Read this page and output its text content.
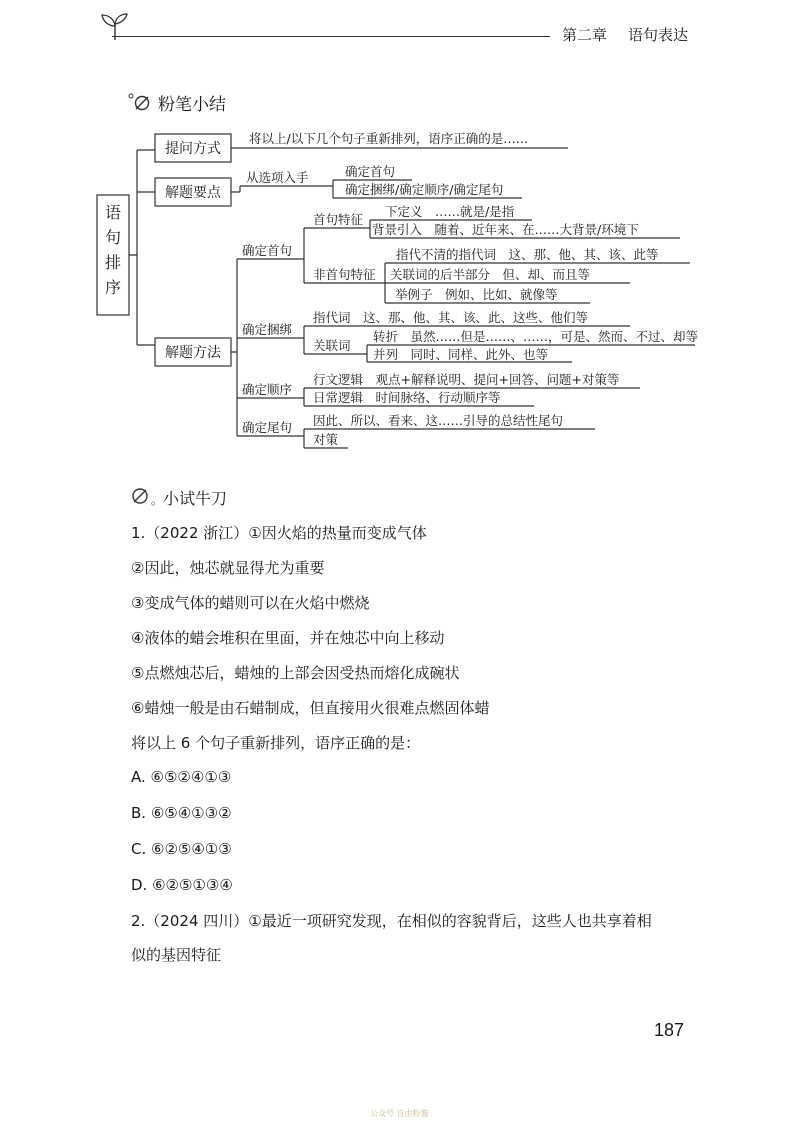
第二章 语句表达
粉笔小结
语
句
排
序
提问方式
解题要点
解题方法
将以上/以下几个句子重新排列，语序正确的是……
从选项入手	确定首句
确定捆绑/确定顺序/确定尾句
确定首句
首句特征
下定义　……就是/是指
背景引入　随着、近年来、在……大背景/环境下
非首句特征
指代不清的指代词　这、那、他、其、该、此等
关联词的后半部分　但、却、而且等
举例子　例如、比如、就像等
确定捆绑
指代词　这、那、他、其、该、此、这些、他们等
关联词
转折　虽然……但是……、……，可是、然而、不过、却等
并列　同时、同样、此外、也等
确定顺序
行文逻辑　观点+解释说明、提问+回答、问题+对策等
日常逻辑　时间脉络、行动顺序等
确定尾句 因此、所以、看来、这……引导的总结性尾句
对策
。小试牛刀
1.（2022 浙江）①因火焰的热量而变成气体
②因此，烛芯就显得尤为重要
③变成气体的蜡则可以在火焰中燃烧
④液体的蜡会堆积在里面，并在烛芯中向上移动
⑤点燃烛芯后，蜡烛的上部会因受热而熔化成碗状
⑥蜡烛一般是由石蜡制成，但直接用火很难点燃固体蜡
将以上 6 个句子重新排列，语序正确的是：
A. ⑥⑤②④①③
B. ⑥⑤④①③②
C. ⑥②⑤④①③
D. ⑥②⑤①③④
2.（2024 四川）①最近一项研究发现，在相似的容貌背后，这些人也共享着相
似的基因特征
187
公众号 自由粉酱
